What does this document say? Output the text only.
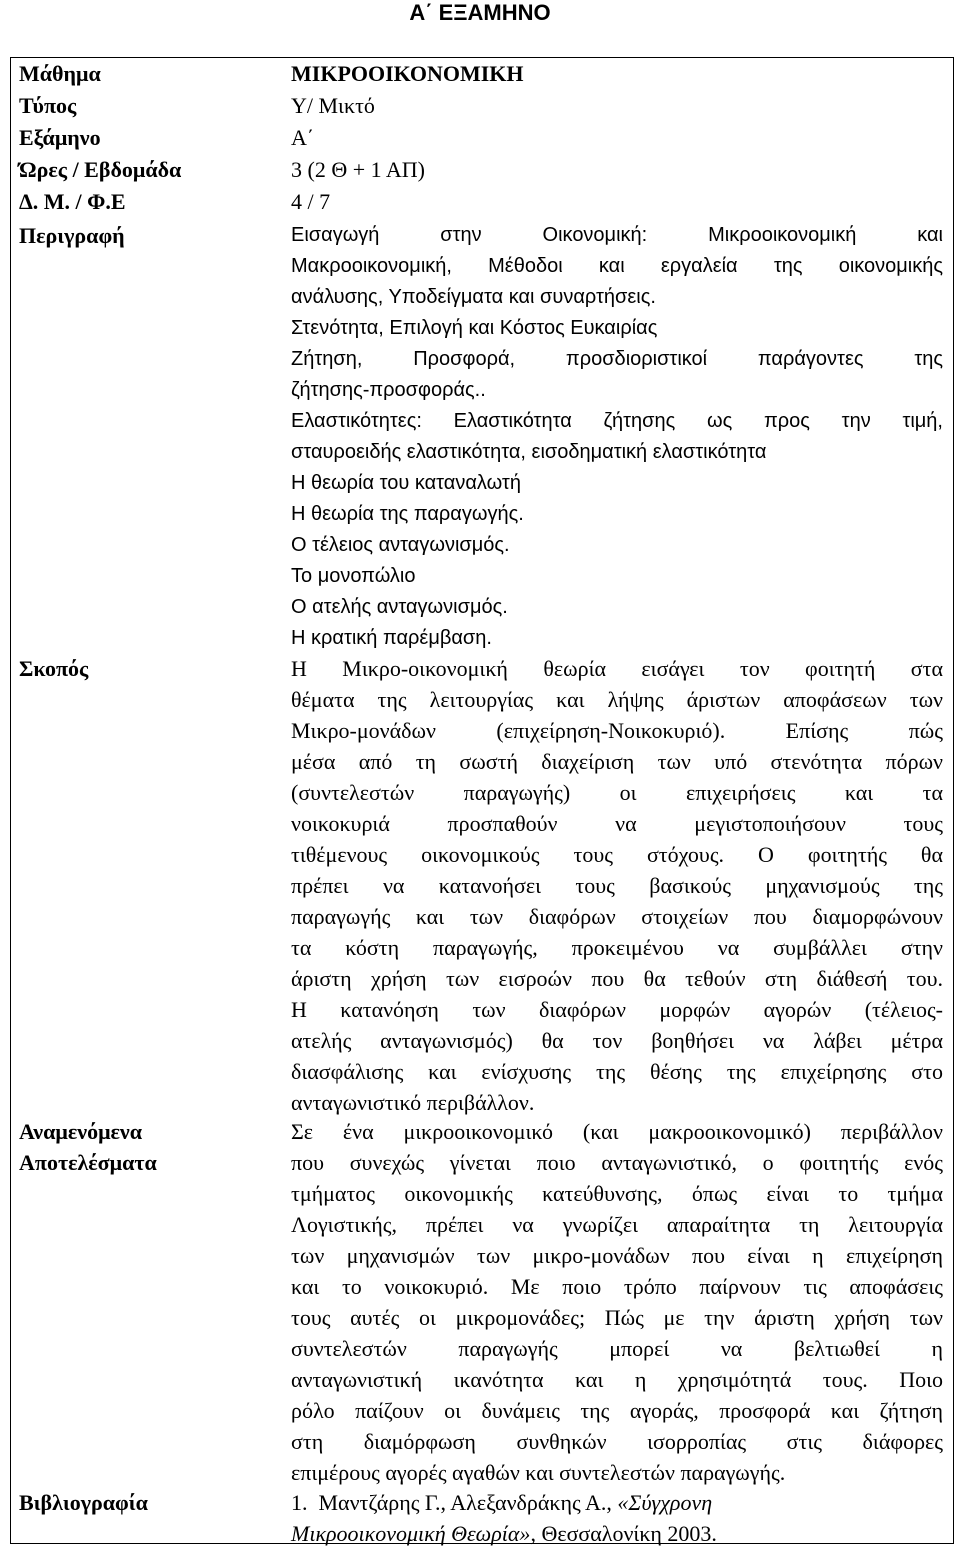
Α΄ ΕΞΑΜΗΝΟ
Μάθημα	ΜΙΚΡΟΟΙΚΟΝΟΜΙΚΗ
Τύπος	Υ/ Μικτό
Εξάμηνο	Α΄
Ώρες / Εβδομάδα	3 (2 Θ + 1 ΑΠ)
Δ. Μ. / Φ.Ε	4 / 7
Περιγραφή	Εισαγωγή στην Οικονομική: Μικροοικονομική και
Μακροοικονομική, Μέθοδοι και εργαλεία της οικονομικής
ανάλυσης, Υποδείγματα και συναρτήσεις.
Στενότητα, Επιλογή και Κόστος Ευκαιρίας
Ζήτηση, Προσφορά, προσδιοριστικοί παράγοντες της
ζήτησης-προσφοράς..
Ελαστικότητες: Ελαστικότητα ζήτησης ως προς την τιμή,
σταυροειδής ελαστικότητα, εισοδηματική ελαστικότητα
Η θεωρία του καταναλωτή
Η θεωρία της παραγωγής.
Ο τέλειος ανταγωνισμός.
Το μονοπώλιο
Ο ατελής ανταγωνισμός.
Η κρατική παρέμβαση.
Σκοπός	Η Μικρο-οικονομική θεωρία εισάγει τον φοιτητή στα
θέματα της λειτουργίας και λήψης άριστων αποφάσεων των
Μικρο-μονάδων (επιχείρηση-Νοικοκυριό). Επίσης πώς
μέσα από τη σωστή διαχείριση των υπό στενότητα πόρων
(συντελεστών παραγωγής) οι επιχειρήσεις και τα
νοικοκυριά προσπαθούν να μεγιστοποιήσουν τους
τιθέμενους οικονομικούς τους στόχους. Ο φοιτητής θα
πρέπει να κατανοήσει τους βασικούς μηχανισμούς της
παραγωγής και των διαφόρων στοιχείων που διαμορφώνουν
τα κόστη παραγωγής, προκειμένου να συμβάλλει στην
άριστη χρήση των εισροών που θα τεθούν στη διάθεσή του.
Η κατανόηση των διαφόρων μορφών αγορών (τέλειος-
ατελής ανταγωνισμός) θα τον βοηθήσει να λάβει μέτρα
διασφάλισης και ενίσχυσης της θέσης της επιχείρησης στο
ανταγωνιστικό περιβάλλον.
Αναμενόμενα
Αποτελέσματα
Σε ένα μικροοικονομικό (και μακροοικονομικό) περιβάλλον
που συνεχώς γίνεται ποιο ανταγωνιστικό, ο φοιτητής ενός
τμήματος οικονομικής κατεύθυνσης, όπως είναι το τμήμα
Λογιστικής, πρέπει να γνωρίζει απαραίτητα τη λειτουργία
των μηχανισμών των μικρο-μονάδων που είναι η επιχείρηση
και το νοικοκυριό. Με ποιο τρόπο παίρνουν τις αποφάσεις
τους αυτές οι μικρομονάδες; Πώς με την άριστη χρήση των
συντελεστών παραγωγής μπορεί να βελτιωθεί η
ανταγωνιστική ικανότητα και η χρησιμότητά τους. Ποιο
ρόλο παίζουν οι δυνάμεις της αγοράς, προσφορά και ζήτηση
στη διαμόρφωση συνθηκών ισορροπίας στις διάφορες
επιμέρους αγορές αγαθών και συντελεστών παραγωγής.
Βιβλιογραφία	1. Μαντζάρης Γ., Αλεξανδράκης Α., «Σύγχρονη
Μικροοικονομική Θεωρία», Θεσσαλονίκη 2003.
